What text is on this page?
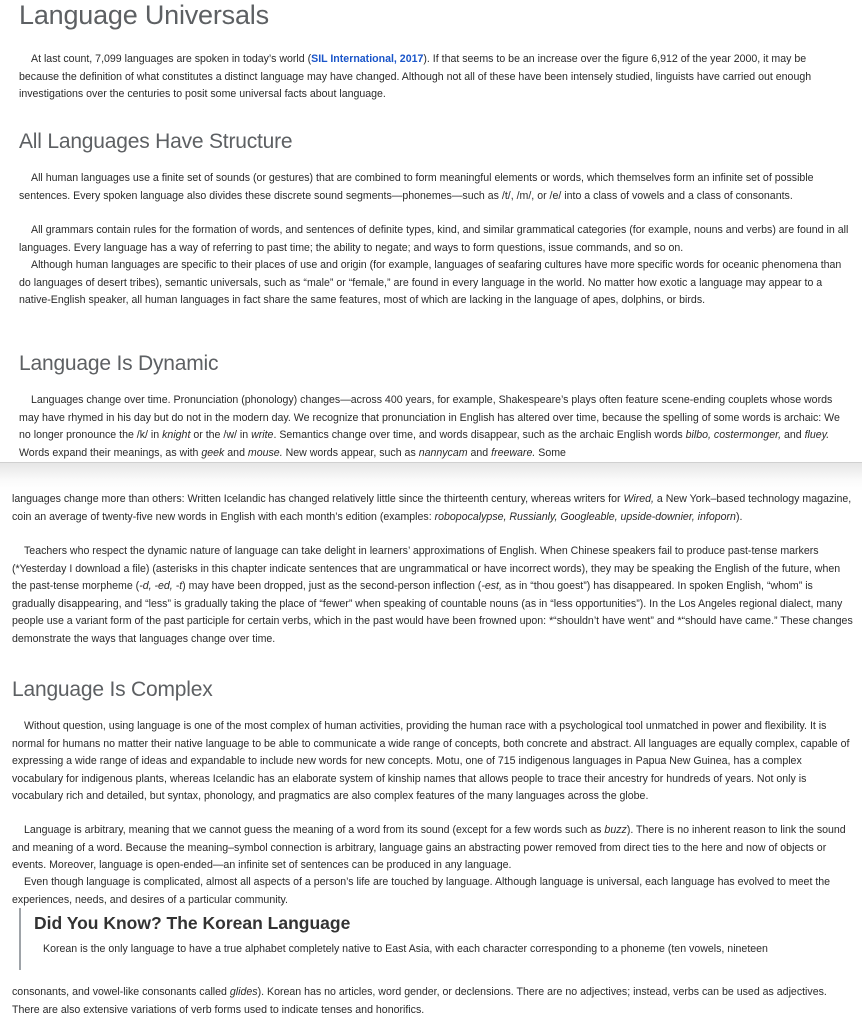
Language Universals

At last count, 7,099 languages are spoken in today’s world (SIL International, 2017). If that seems to be an increase over the figure 6,912 of the year 2000, it may be because the definition of what constitutes a distinct language may have changed. Although not all of these have been intensely studied, linguists have carried out enough investigations over the centuries to posit some universal facts about language.

All Languages Have Structure

All human languages use a finite set of sounds (or gestures) that are combined to form meaningful elements or words, which themselves form an infinite set of possible sentences. Every spoken language also divides these discrete sound segments—phonemes—such as /t/, /m/, or /e/ into a class of vowels and a class of consonants.

All grammars contain rules for the formation of words, and sentences of definite types, kind, and similar grammatical categories (for example, nouns and verbs) are found in all languages. Every language has a way of referring to past time; the ability to negate; and ways to form questions, issue commands, and so on.

Although human languages are specific to their places of use and origin (for example, languages of seafaring cultures have more specific words for oceanic phenomena than do languages of desert tribes), semantic universals, such as “male” or “female,” are found in every language in the world. No matter how exotic a language may appear to a native-English speaker, all human languages in fact share the same features, most of which are lacking in the language of apes, dolphins, or birds.

Language Is Dynamic

Languages change over time. Pronunciation (phonology) changes—across 400 years, for example, Shakespeare’s plays often feature scene-ending couplets whose words may have rhymed in his day but do not in the modern day. We recognize that pronunciation in English has altered over time, because the spelling of some words is archaic: We no longer pronounce the /k/ in knight or the /w/ in write. Semantics change over time, and words disappear, such as the archaic English words bilbo, costermonger, and fluey. Words expand their meanings, as with geek and mouse. New words appear, such as nannycam and freeware. Some

languages change more than others: Written Icelandic has changed relatively little since the thirteenth century, whereas writers for Wired, a New York–based technology magazine, coin an average of twenty-five new words in English with each month’s edition (examples: robopocalypse, Russianly, Googleable, upside-downier, infoporn).

Teachers who respect the dynamic nature of language can take delight in learners’ approximations of English. When Chinese speakers fail to produce past-tense markers (*Yesterday I download a file) (asterisks in this chapter indicate sentences that are ungrammatical or have incorrect words), they may be speaking the English of the future, when the past-tense morpheme (-d, -ed, -t) may have been dropped, just as the second-person inflection (-est, as in “thou goest”) has disappeared. In spoken English, “whom” is gradually disappearing, and “less” is gradually taking the place of “fewer” when speaking of countable nouns (as in “less opportunities”). In the Los Angeles regional dialect, many people use a variant form of the past participle for certain verbs, which in the past would have been frowned upon: *“shouldn’t have went” and *“should have came.” These changes demonstrate the ways that languages change over time.

Language Is Complex

Without question, using language is one of the most complex of human activities, providing the human race with a psychological tool unmatched in power and flexibility. It is normal for humans no matter their native language to be able to communicate a wide range of concepts, both concrete and abstract. All languages are equally complex, capable of expressing a wide range of ideas and expandable to include new words for new concepts. Motu, one of 715 indigenous languages in Papua New Guinea, has a complex vocabulary for indigenous plants, whereas Icelandic has an elaborate system of kinship names that allows people to trace their ancestry for hundreds of years. Not only is vocabulary rich and detailed, but syntax, phonology, and pragmatics are also complex features of the many languages across the globe.

Language is arbitrary, meaning that we cannot guess the meaning of a word from its sound (except for a few words such as buzz). There is no inherent reason to link the sound and meaning of a word. Because the meaning–symbol connection is arbitrary, language gains an abstracting power removed from direct ties to the here and now of objects or events. Moreover, language is open-ended—an infinite set of sentences can be produced in any language.

Even though language is complicated, almost all aspects of a person’s life are touched by language. Although language is universal, each language has evolved to meet the experiences, needs, and desires of a particular community.

Did You Know? The Korean Language

Korean is the only language to have a true alphabet completely native to East Asia, with each character corresponding to a phoneme (ten vowels, nineteen

consonants, and vowel-like consonants called glides). Korean has no articles, word gender, or declensions. There are no adjectives; instead, verbs can be used as adjectives. There are also extensive variations of verb forms used to indicate tenses and honorifics.
